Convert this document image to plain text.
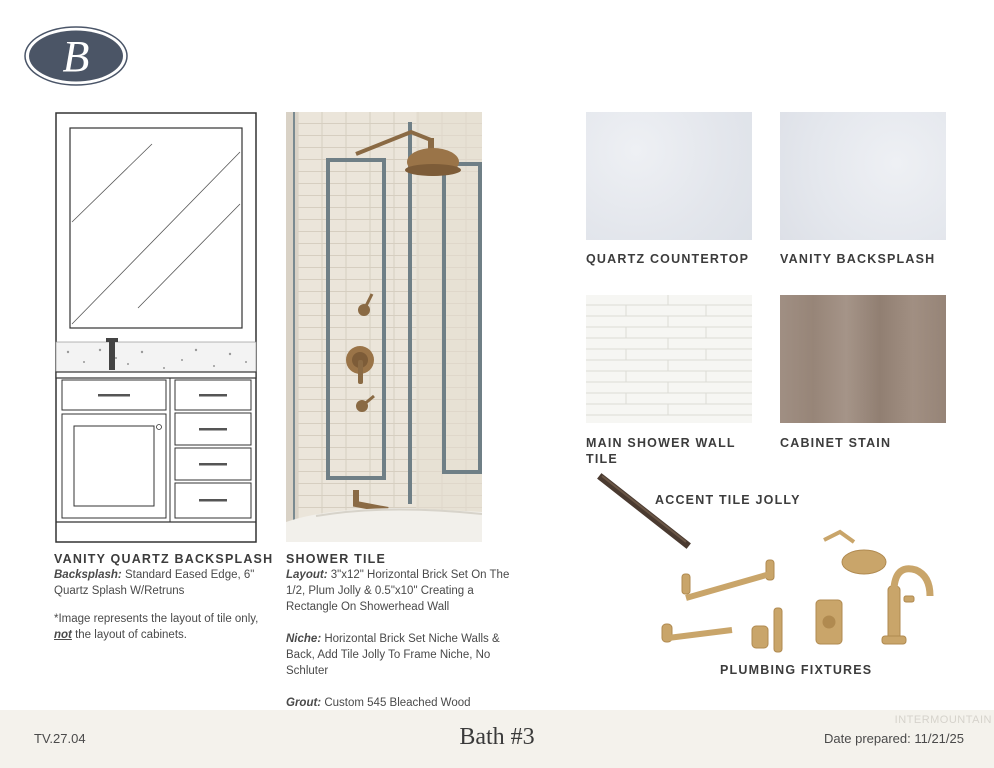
B
QUARTZ COUNTERTOP VANITY BACKSPLASH
MAIN SHOWER WALL
TILE
CABINET STAIN
ACCENT TILE JOLLY
PLUMBING FIXTURES
VANITY QUARTZ BACKSPLASH
Backsplash: Standard Eased Edge, 6" Quartz Splash W/Retruns
*Image represents the layout of tile only, not the layout of cabinets.
SHOWER TILE
Layout: 3"x12" Horizontal Brick Set On The 1/2, Plum Jolly & 0.5"x10" Creating a Rectangle On Showerhead Wall
Niche: Horizontal Brick Set Niche Walls & Back, Add Tile Jolly To Frame Niche, No Schluter
Grout: Custom 545 Bleached Wood
INTERMOUNTAIN
TV.27.04	Bath #3	Date prepared: 11/21/25
